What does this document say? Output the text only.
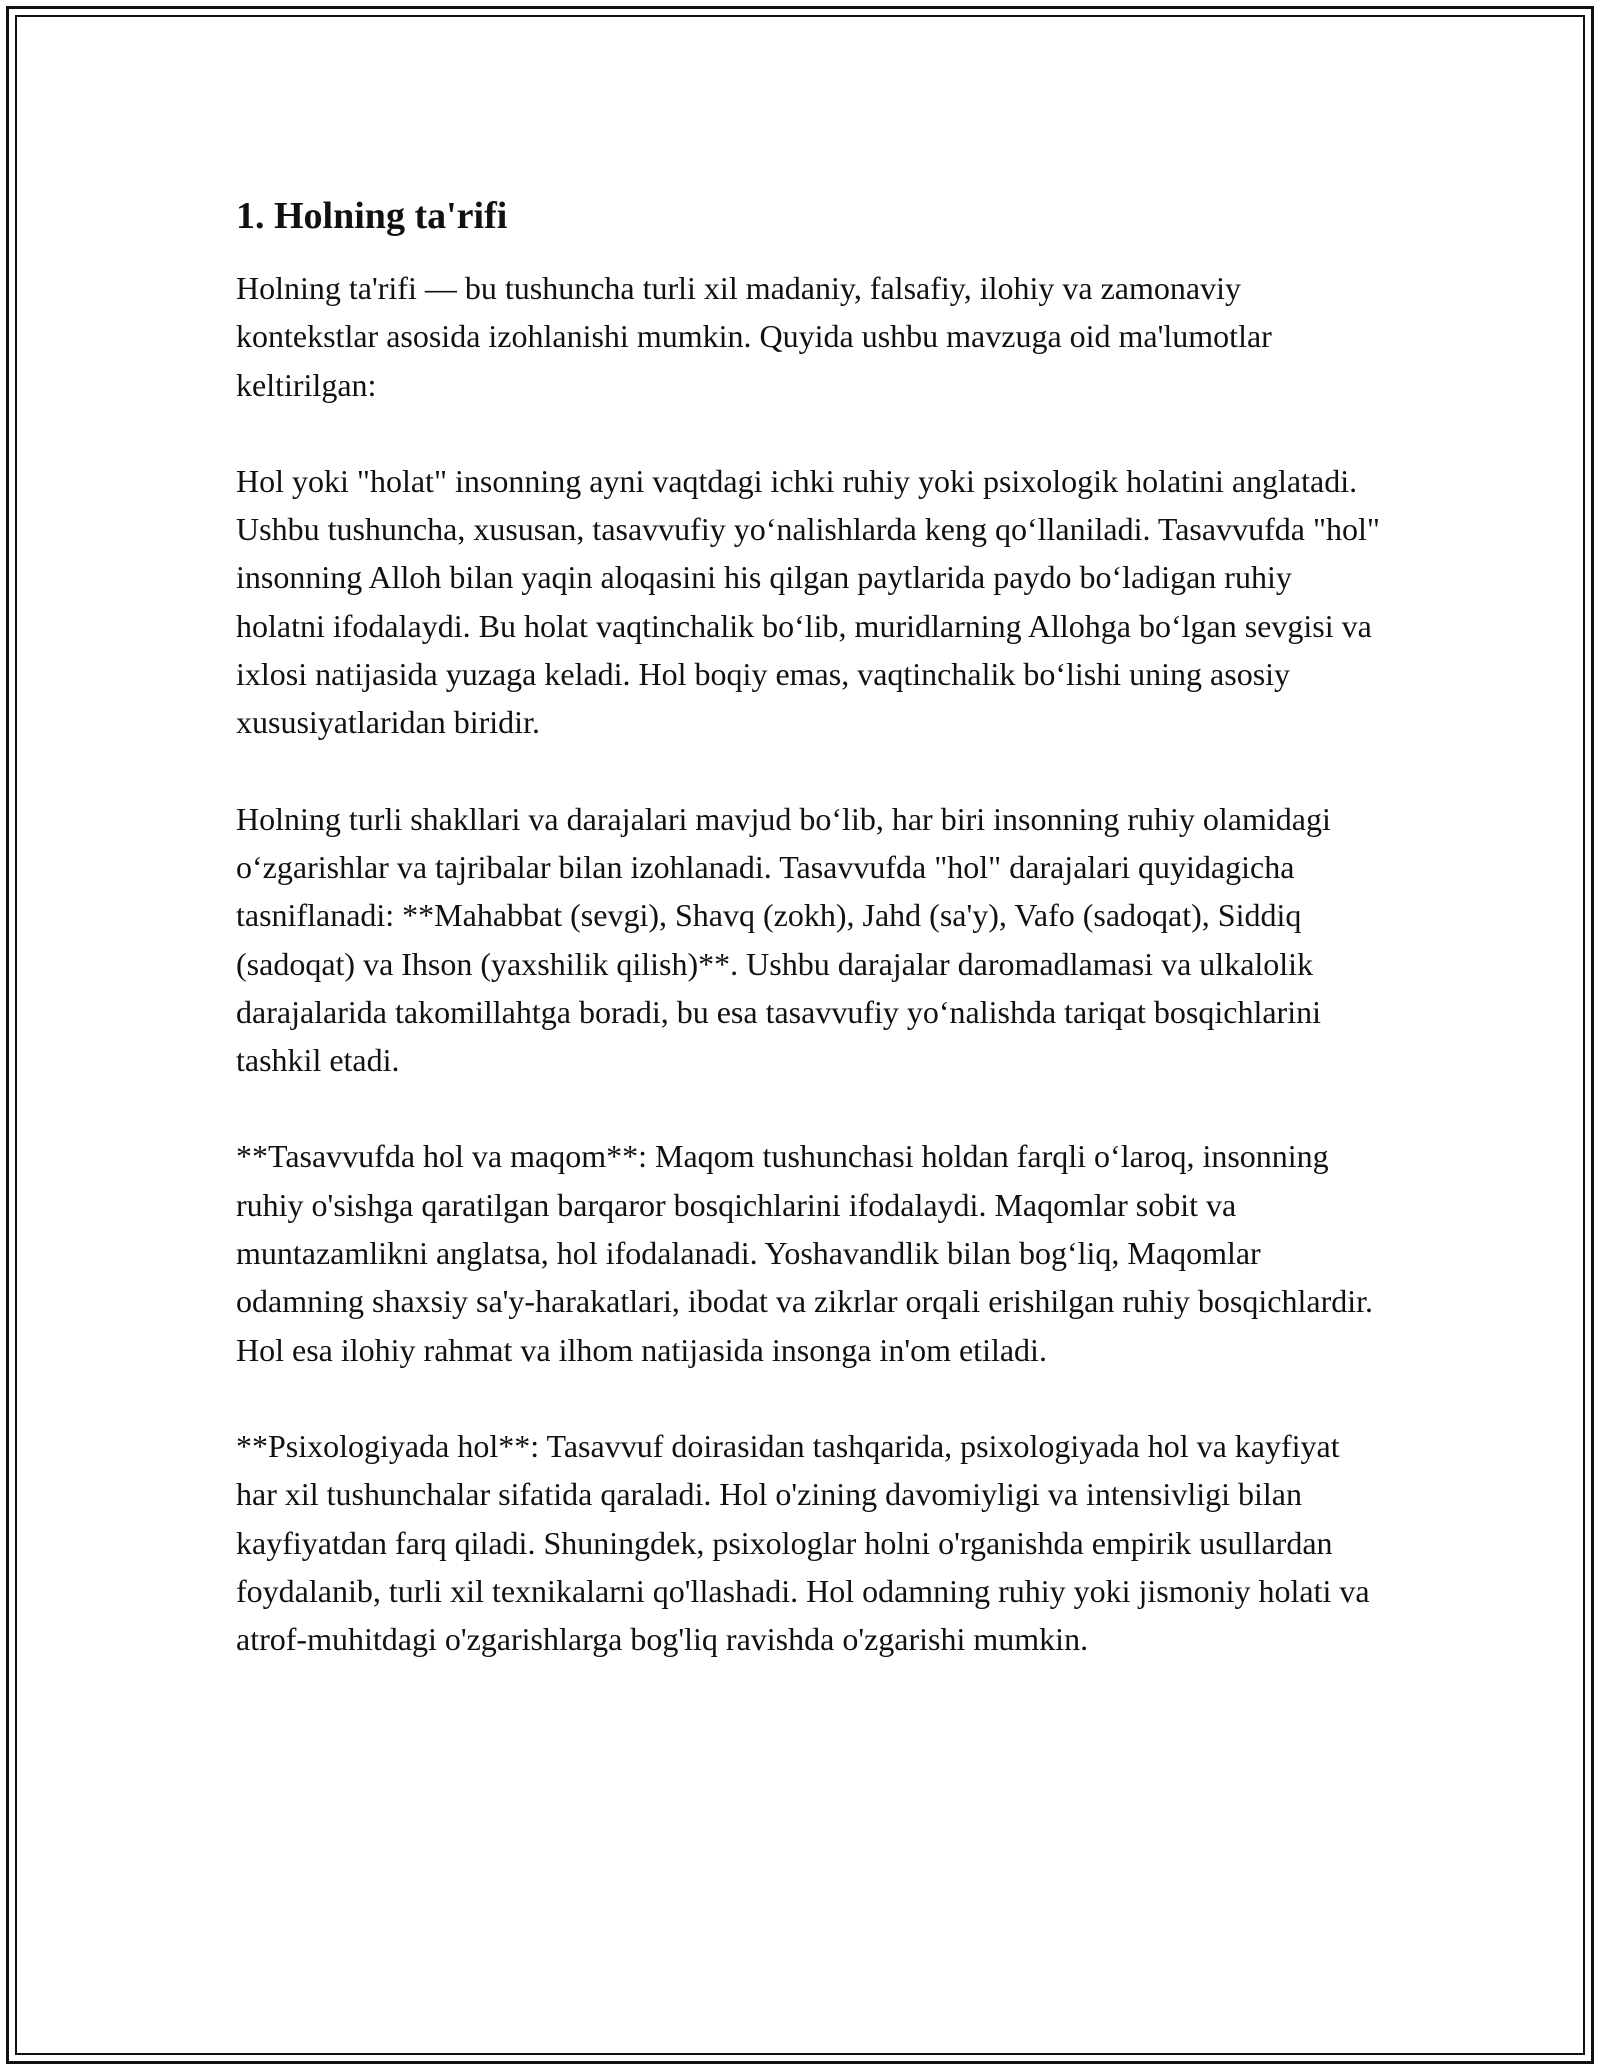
1. Holning ta'rifi

Holning ta'rifi — bu tushuncha turli xil madaniy, falsafiy, ilohiy va zamonaviy kontekstlar asosida izohlanishi mumkin. Quyida ushbu mavzuga oid ma'lumotlar keltirilgan:

Hol yoki "holat" insonning ayni vaqtdagi ichki ruhiy yoki psixologik holatini anglatadi. Ushbu tushuncha, xususan, tasavvufiy yo‘nalishlarda keng qo‘llaniladi. Tasavvufda "hol" insonning Alloh bilan yaqin aloqasini his qilgan paytlarida paydo bo‘ladigan ruhiy holatni ifodalaydi. Bu holat vaqtinchalik bo‘lib, muridlarning Allohga bo‘lgan sevgisi va ixlosi natijasida yuzaga keladi. Hol boqiy emas, vaqtinchalik bo‘lishi uning asosiy xususiyatlaridan biridir.

Holning turli shakllari va darajalari mavjud bo‘lib, har biri insonning ruhiy olamidagi o‘zgarishlar va tajribalar bilan izohlanadi. Tasavvufda "hol" darajalari quyidagicha tasniflanadi: **Mahabbat (sevgi), Shavq (zokh), Jahd (sa'y), Vafo (sadoqat), Siddiq (sadoqat) va Ihson (yaxshilik qilish)**. Ushbu darajalar daromadlamasi va ulkalolik darajalarida takomillahtga boradi, bu esa tasavvufiy yo‘nalishda tariqat bosqichlarini tashkil etadi.

**Tasavvufda hol va maqom**: Maqom tushunchasi holdan farqli o‘laroq, insonning ruhiy o'sishga qaratilgan barqaror bosqichlarini ifodalaydi. Maqomlar sobit va muntazamlikni anglatsa, hol ifodalanadi. Yoshavandlik bilan bog‘liq, Maqomlar odamning shaxsiy sa'y-harakatlari, ibodat va zikrlar orqali erishilgan ruhiy bosqichlardir. Hol esa ilohiy rahmat va ilhom natijasida insonga in'om etiladi.

**Psixologiyada hol**: Tasavvuf doirasidan tashqarida, psixologiyada hol va kayfiyat har xil tushunchalar sifatida qaraladi. Hol o'zining davomiyligi va intensivligi bilan kayfiyatdan farq qiladi. Shuningdek, psixologlar holni o'rganishda empirik usullardan foydalanib, turli xil texnikalarni qo'llashadi. Hol odamning ruhiy yoki jismoniy holati va atrof-muhitdagi o'zgarishlarga bog'liq ravishda o'zgarishi mumkin.
